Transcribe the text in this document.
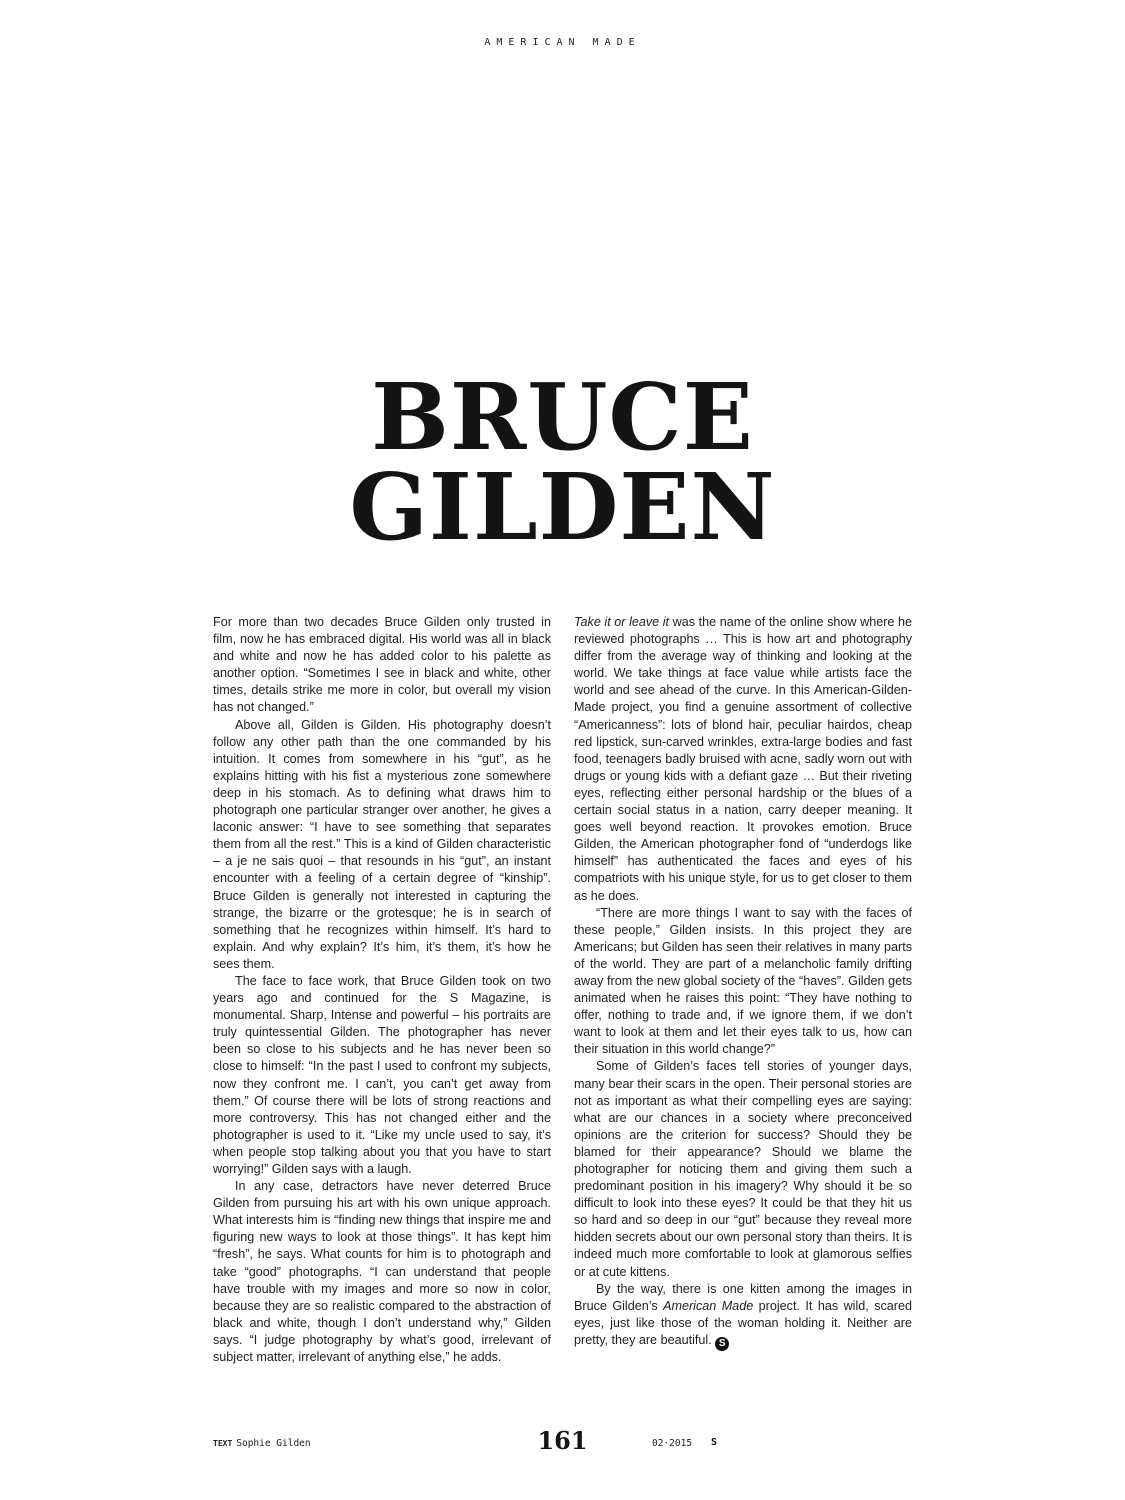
AMERICAN MADE
BRUCE
GILDEN

For more than two decades Bruce Gilden only trusted in film, now he has embraced digital. His world was all in black and white and now he has added color to his palette as another option. “Sometimes I see in black and white, other times, details strike me more in color, but overall my vision has not changed.”

Above all, Gilden is Gilden. His photography doesn’t follow any other path than the one commanded by his intuition. It comes from somewhere in his “gut”, as he explains hitting with his fist a mysterious zone somewhere deep in his stomach. As to defining what draws him to photograph one particular stranger over another, he gives a laconic answer: “I have to see something that separates them from all the rest.” This is a kind of Gilden characteristic – a je ne sais quoi – that resounds in his “gut”, an instant encounter with a feeling of a certain degree of “kinship”. Bruce Gilden is generally not interested in capturing the strange, the bizarre or the grotesque; he is in search of something that he recognizes within himself. It’s hard to explain. And why explain? It’s him, it’s them, it’s how he sees them.

The face to face work, that Bruce Gilden took on two years ago and continued for the S Magazine, is monumental. Sharp, Intense and powerful – his portraits are truly quintessential Gilden. The photographer has never been so close to his subjects and he has never been so close to himself: “In the past I used to confront my subjects, now they confront me. I can’t, you can’t get away from them.” Of course there will be lots of strong reactions and more controversy. This has not changed either and the photographer is used to it. “Like my uncle used to say, it’s when people stop talking about you that you have to start worrying!” Gilden says with a laugh.

In any case, detractors have never deterred Bruce Gilden from pursuing his art with his own unique approach. What interests him is “finding new things that inspire me and figuring new ways to look at those things”. It has kept him “fresh”, he says. What counts for him is to photograph and take “good” photographs. “I can understand that people have trouble with my images and more so now in color, because they are so realistic compared to the abstraction of black and white, though I don’t understand why,” Gilden says. “I judge photography by what’s good, irrelevant of subject matter, irrelevant of anything else,” he adds.

Take it or leave it was the name of the online show where he reviewed photographs … This is how art and photography differ from the average way of thinking and looking at the world. We take things at face value while artists face the world and see ahead of the curve. In this American-Gilden-Made project, you find a genuine assortment of collective “Americanness”: lots of blond hair, peculiar hairdos, cheap red lipstick, sun-carved wrinkles, extra-large bodies and fast food, teenagers badly bruised with acne, sadly worn out with drugs or young kids with a defiant gaze … But their riveting eyes, reflecting either personal hardship or the blues of a certain social status in a nation, carry deeper meaning. It goes well beyond reaction. It provokes emotion. Bruce Gilden, the American photographer fond of “underdogs like himself” has authenticated the faces and eyes of his compatriots with his unique style, for us to get closer to them as he does.

“There are more things I want to say with the faces of these people,” Gilden insists. In this project they are Americans; but Gilden has seen their relatives in many parts of the world. They are part of a melancholic family drifting away from the new global society of the “haves”. Gilden gets animated when he raises this point: “They have nothing to offer, nothing to trade and, if we ignore them, if we don’t want to look at them and let their eyes talk to us, how can their situation in this world change?”

Some of Gilden’s faces tell stories of younger days, many bear their scars in the open. Their personal stories are not as important as what their compelling eyes are saying: what are our chances in a society where preconceived opinions are the criterion for success? Should they be blamed for their appearance? Should we blame the photographer for noticing them and giving them such a predominant position in his imagery? Why should it be so difficult to look into these eyes? It could be that they hit us so hard and so deep in our “gut” because they reveal more hidden secrets about our own personal story than theirs. It is indeed much more comfortable to look at glamorous selfies or at cute kittens.

By the way, there is one kitten among the images in Bruce Gilden’s American Made project. It has wild, scared eyes, just like those of the woman holding it. Neither are pretty, they are beautiful. S

TEXT Sophie Gilden	161	02·2015 S
